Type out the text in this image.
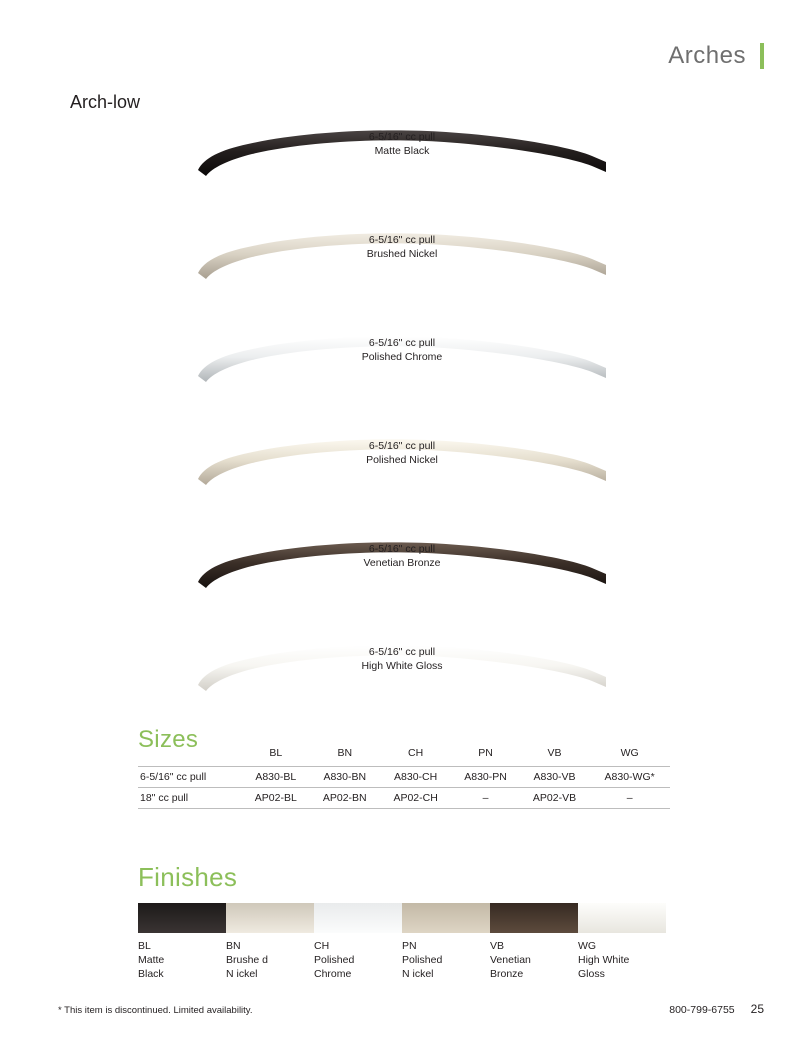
Arches
Arch-low
6-5/16" cc pull
Matte Black
6-5/16" cc pull
Brushed Nickel
6-5/16" cc pull
Polished Chrome
6-5/16" cc pull
Polished Nickel
6-5/16" cc pull
Venetian Bronze
6-5/16" cc pull
High White Gloss
Sizes
		BL	BN	CH	PN	VB	WG
6-5/16" cc pull	A830-BL	A830-BN	A830-CH	A830-PN	A830-VB	A830-WG*
18" cc pull	AP02-BL	AP02-BN	AP02-CH	–	AP02-VB	–
Finishes
BL
Matte
Black
BN
Brushe d
N ickel
CH
Polished
Chrome
PN
Polished
N ickel
VB
Venetian
Bronze
WG
High White
Gloss
* This item is discontinued. Limited availability.	800-799-6755 25
